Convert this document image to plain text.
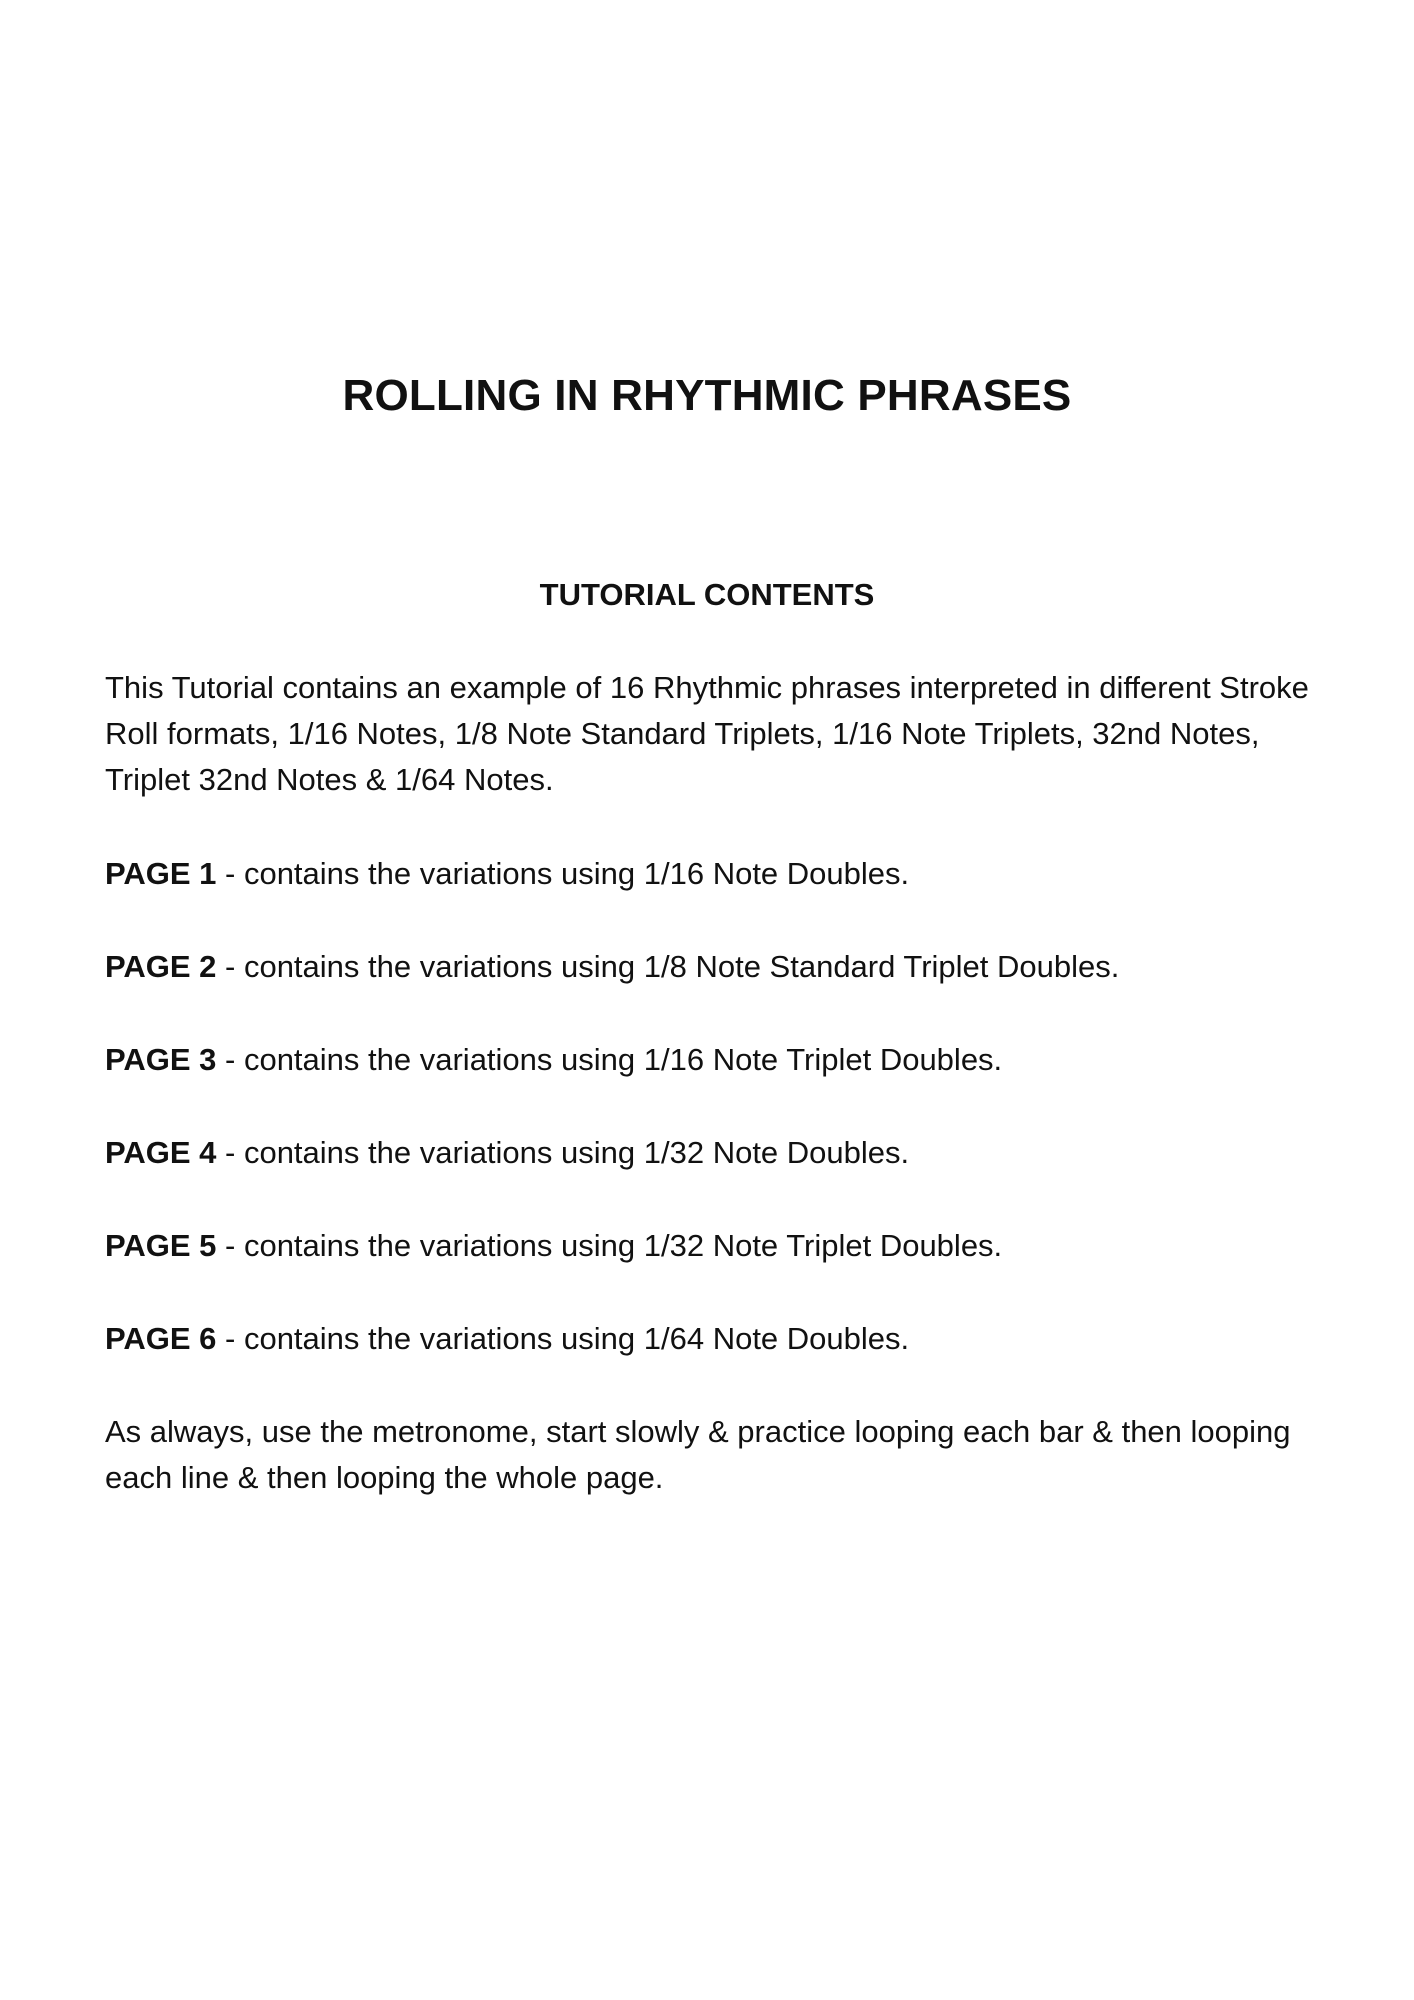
ROLLING IN RHYTHMIC PHRASES
TUTORIAL CONTENTS

This Tutorial contains an example of 16 Rhythmic phrases interpreted in different Stroke Roll formats, 1/16 Notes, 1/8 Note Standard Triplets, 1/16 Note Triplets, 32nd Notes, Triplet 32nd Notes & 1/64 Notes.

PAGE 1 - contains the variations using 1/16 Note Doubles.

PAGE 2 - contains the variations using 1/8 Note Standard Triplet Doubles.

PAGE 3 - contains the variations using 1/16 Note Triplet Doubles.

PAGE 4 - contains the variations using 1/32 Note Doubles.

PAGE 5 - contains the variations using 1/32 Note Triplet Doubles.

PAGE 6 - contains the variations using 1/64 Note Doubles.

As always, use the metronome, start slowly & practice looping each bar & then looping each line & then looping the whole page.
